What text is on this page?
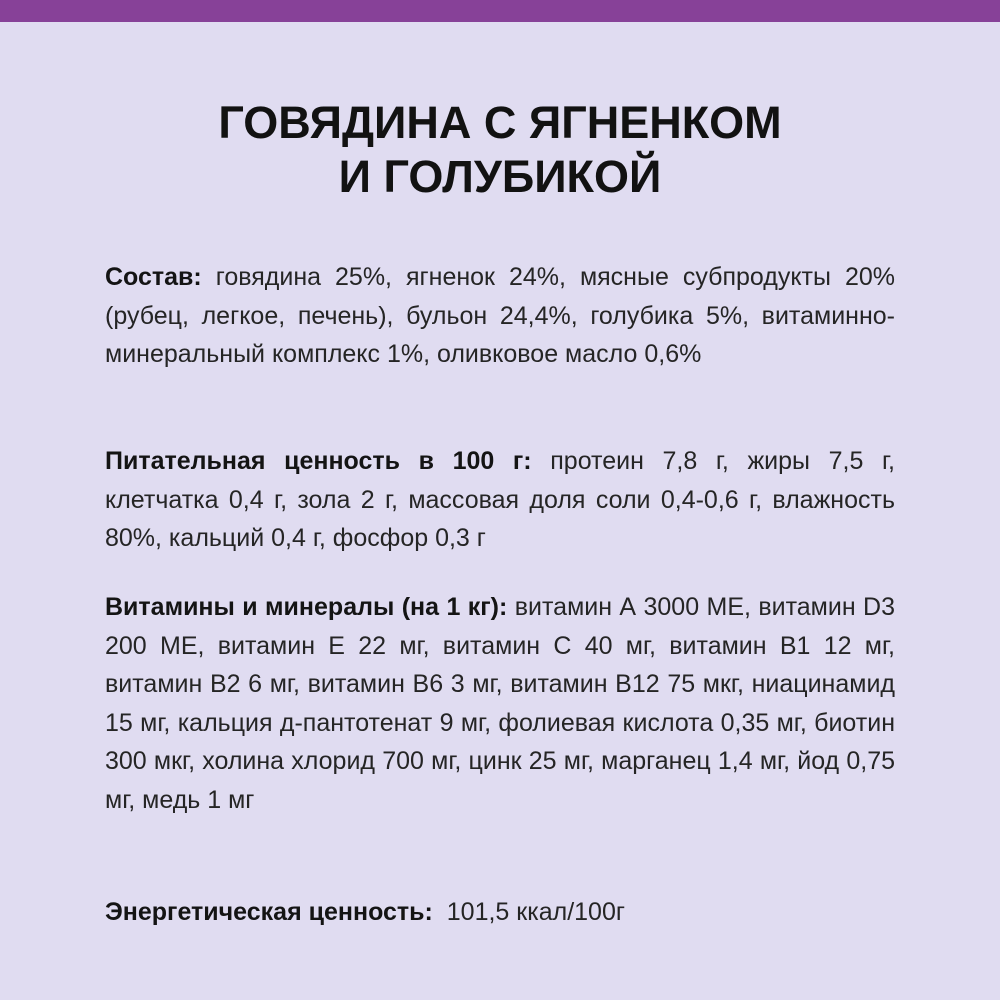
ГОВЯДИНА С ЯГНЕНКОМ
И ГОЛУБИКОЙ

Состав: говядина 25%, ягненок 24%, мясные субпродукты 20% (рубец, легкое, печень), бульон 24,4%, голубика 5%, витаминно-минеральный комплекс 1%, оливковое масло 0,6%

Питательная ценность в 100 г: протеин 7,8 г, жиры 7,5 г, клетчатка 0,4 г, зола 2 г, массовая доля соли 0,4-0,6 г, влажность 80%, кальций 0,4 г, фосфор 0,3 г

Витамины и минералы (на 1 кг): витамин А 3000 МЕ, витамин D3 200 МЕ, витамин Е 22 мг, витамин С 40 мг, витамин В1 12 мг, витамин В2 6 мг, витамин В6 3 мг, витамин В12 75 мкг, ниацинамид 15 мг, кальция д-пантотенат 9 мг, фолиевая кислота 0,35 мг, биотин 300 мкг, холина хлорид 700 мг, цинк 25 мг, марганец 1,4 мг, йод 0,75 мг, медь 1 мг

Энергетическая ценность: 101,5 ккал/100г
